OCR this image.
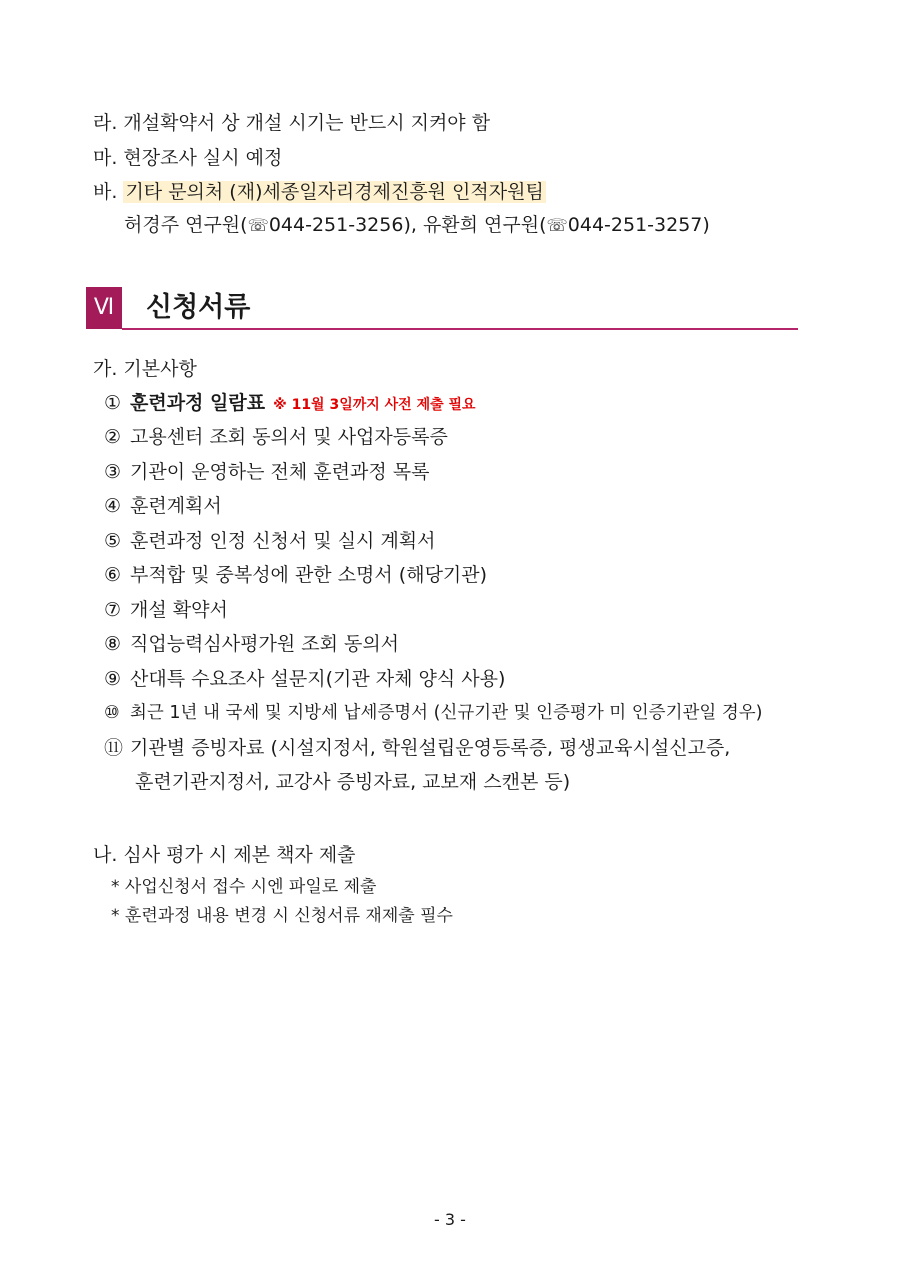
라. 개설확약서 상 개설 시기는 반드시 지켜야 함
마. 현장조사 실시 예정
바. 기타 문의처 (재)세종일자리경제진흥원 인적자원팀
허경주 연구원(☏044-251-3256), 유환희 연구원(☏044-251-3257)
Ⅵ 신청서류
가. 기본사항
① 훈련과정 일람표 ※ 11월 3일까지 사전 제출 필요
② 고용센터 조회 동의서 및 사업자등록증
③ 기관이 운영하는 전체 훈련과정 목록
④ 훈련계획서
⑤ 훈련과정 인정 신청서 및 실시 계획서
⑥ 부적합 및 중복성에 관한 소명서 (해당기관)
⑦ 개설 확약서
⑧ 직업능력심사평가원 조회 동의서
⑨ 산대특 수요조사 설문지(기관 자체 양식 사용)
⑩ 최근 1년 내 국세 및 지방세 납세증명서 (신규기관 및 인증평가 미 인증기관일 경우)
⑪ 기관별 증빙자료 (시설지정서, 학원설립운영등록증, 평생교육시설신고증,
훈련기관지정서, 교강사 증빙자료, 교보재 스캔본 등)
나. 심사 평가 시 제본 책자 제출
* 사업신청서 접수 시엔 파일로 제출
* 훈련과정 내용 변경 시 신청서류 재제출 필수
- 3 -
